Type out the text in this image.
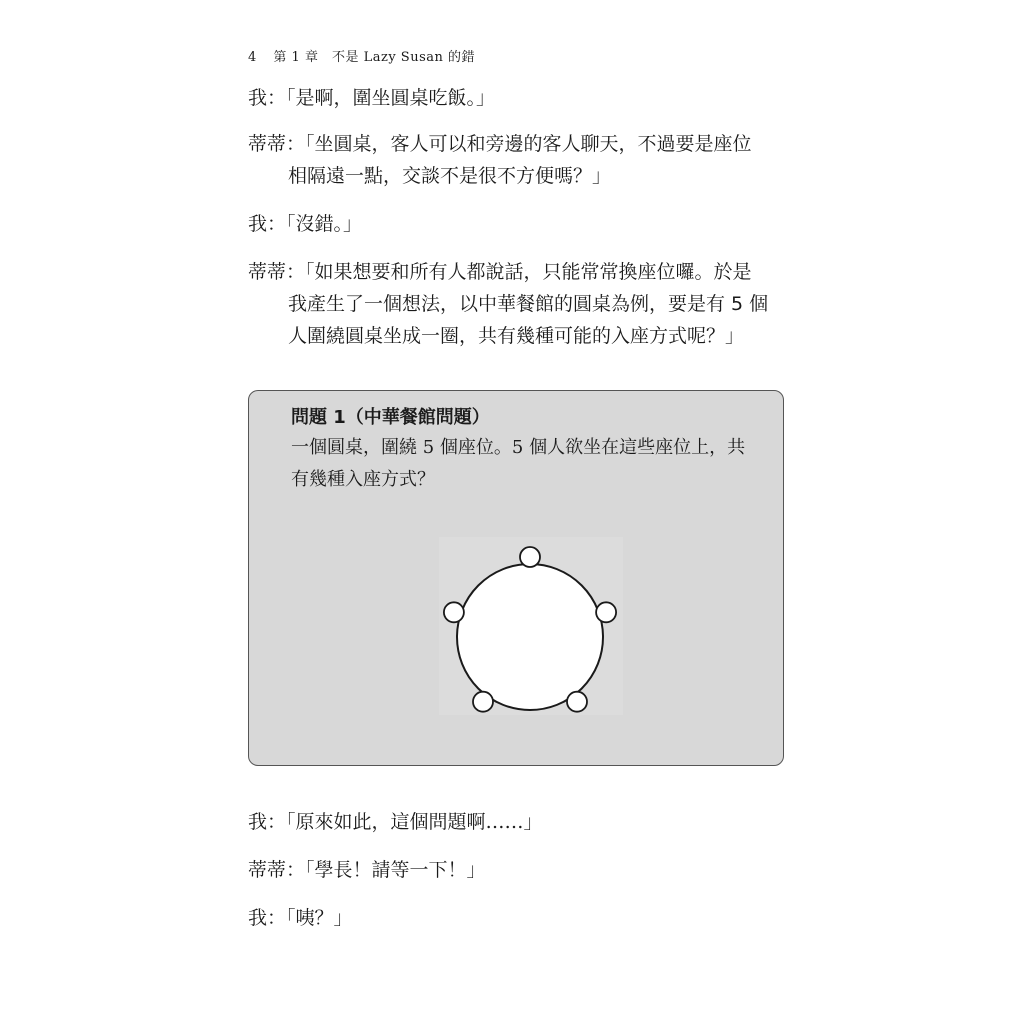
4 第 1 章　不是 Lazy Susan 的錯
我：「是啊，圍坐圓桌吃飯。」
蒂蒂：「坐圓桌，客人可以和旁邊的客人聊天，不過要是座位
相隔遠一點，交談不是很不方便嗎？」
我：「沒錯。」
蒂蒂：「如果想要和所有人都說話，只能常常換座位囉。於是
我產生了一個想法，以中華餐館的圓桌為例，要是有 5 個
人圍繞圓桌坐成一圈，共有幾種可能的入座方式呢？」
問題 1（中華餐館問題）
一個圓桌，圍繞 5 個座位。5 個人欲坐在這些座位上，共
有幾種入座方式？
我：「原來如此，這個問題啊……」
蒂蒂：「學長！請等一下！」
我：「咦？」
